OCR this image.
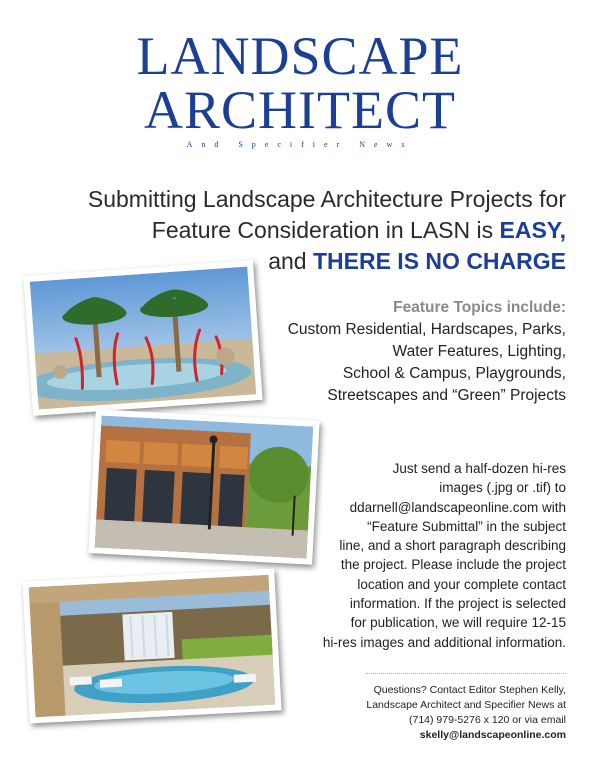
LANDSCAPE
ARCHITECT
And Specifier News
Submitting Landscape Architecture Projects for
Feature Consideration in LASN is EASY,
and THERE IS NO CHARGE
Feature Topics include:
Custom Residential, Hardscapes, Parks,
Water Features, Lighting,
School & Campus, Playgrounds,
Streetscapes and “Green” Projects
Just send a half-dozen hi-res
images (.jpg or .tif) to
ddarnell@landscapeonline.com with
“Feature Submittal” in the subject
line, and a short paragraph describing
the project. Please include the project
location and your complete contact
information. If the project is selected
for publication, we will require 12-15
hi-res images and additional information.
Questions? Contact Editor Stephen Kelly,
Landscape Architect and Specifier News at
(714) 979-5276 x 120 or via email
skelly@landscapeonline.com
